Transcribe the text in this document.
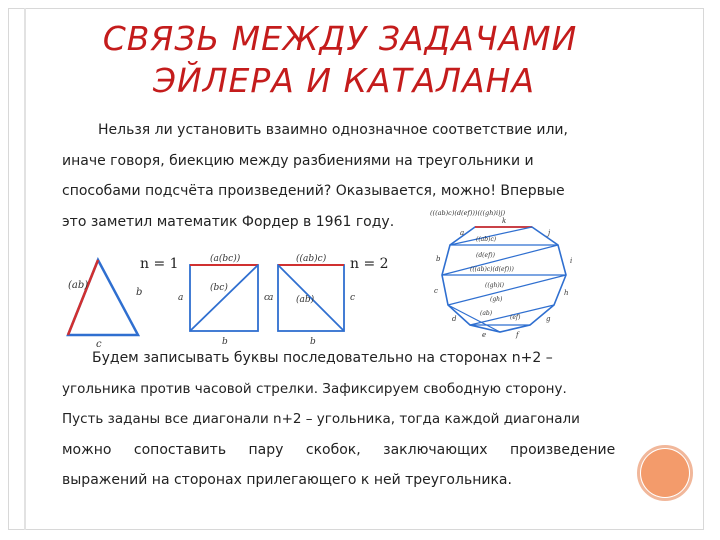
СВЯЗЬ МЕЖДУ ЗАДАЧАМИ
ЭЙЛЕРА И КАТАЛАНА
Нельзя ли установить взаимно однозначное соответствие или,
иначе говоря, биекцию между разбиениями на треугольники и
способами подсчёта произведений? Оказывается, можно! Впервые
это заметил математик Фордер в 1961 году.
(ab)
b
c
(a(bc))
(bc)
a	c
b
((ab)c)
(ab)
a	c
b
n = 1	n = 2
(((ab)c)(d(ef)))(((gh)i)j)
((ab)c)
(d(ef))
(((ab)c)(d(ef)))
((gh)i)
(gh)
(ab)
(ef)
a
b
c
d
e	f
g
h
i
j
k
Будем записывать буквы последовательно на сторонах n+2 –
угольника против часовой стрелки. Зафиксируем свободную сторону.
Пусть заданы все диагонали n+2 – угольника, тогда каждой диагонали
можно сопоставить пару скобок, заключающих произведение
выражений на сторонах прилегающего к ней треугольника.
